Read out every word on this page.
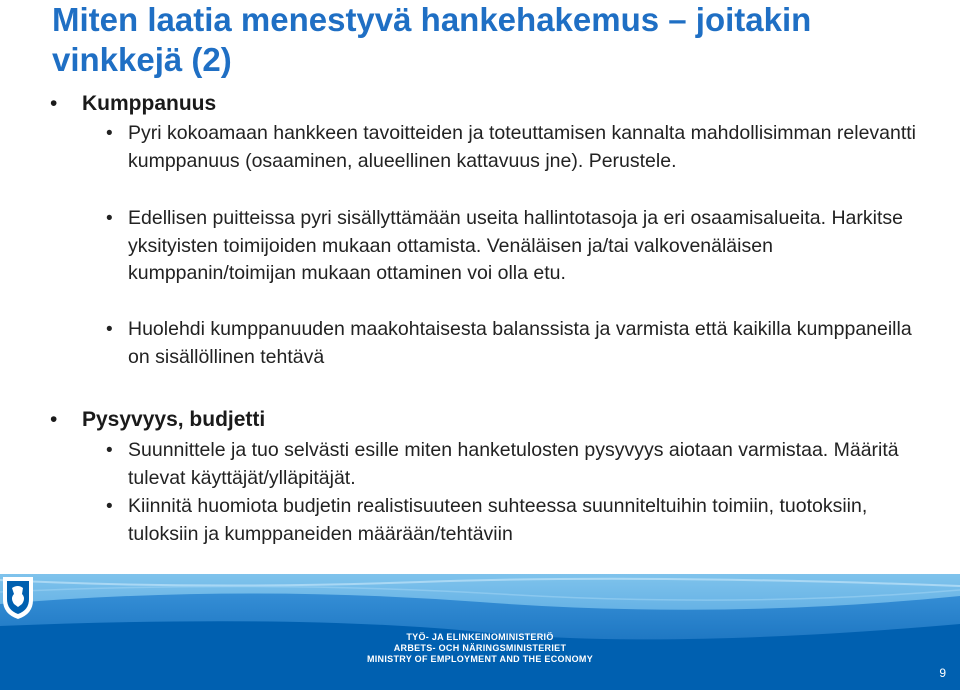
Miten laatia menestyvä hankehakemus – joitakin vinkkejä (2)
• Kumppanuus
• Pyri kokoamaan hankkeen tavoitteiden ja toteuttamisen kannalta mahdollisimman relevantti kumppanuus (osaaminen, alueellinen kattavuus jne). Perustele.
• Edellisen puitteissa pyri sisällyttämään useita hallintotasoja ja eri osaamisalueita. Harkitse yksityisten toimijoiden mukaan ottamista. Venäläisen ja/tai valkovenäläisen kumppanin/toimijan mukaan ottaminen voi olla etu.
• Huolehdi kumppanuuden maakohtaisesta balanssista ja varmista että kaikilla kumppaneilla on sisällöllinen tehtävä
• Pysyvyys, budjetti
• Suunnittele ja tuo selvästi esille miten hanketulosten pysyvyys aiotaan varmistaa. Määritä tulevat käyttäjät/ylläpitäjät.
• Kiinnitä huomiota budjetin realistisuuteen suhteessa suunniteltuihin toimiin, tuotoksiin, tuloksiin ja kumppaneiden määrään/tehtäviin
TYÖ- JA ELINKEINOMINISTERIÖ
ARBETS- OCH NÄRINGSMINISTERIET
MINISTRY OF EMPLOYMENT AND THE ECONOMY
9
